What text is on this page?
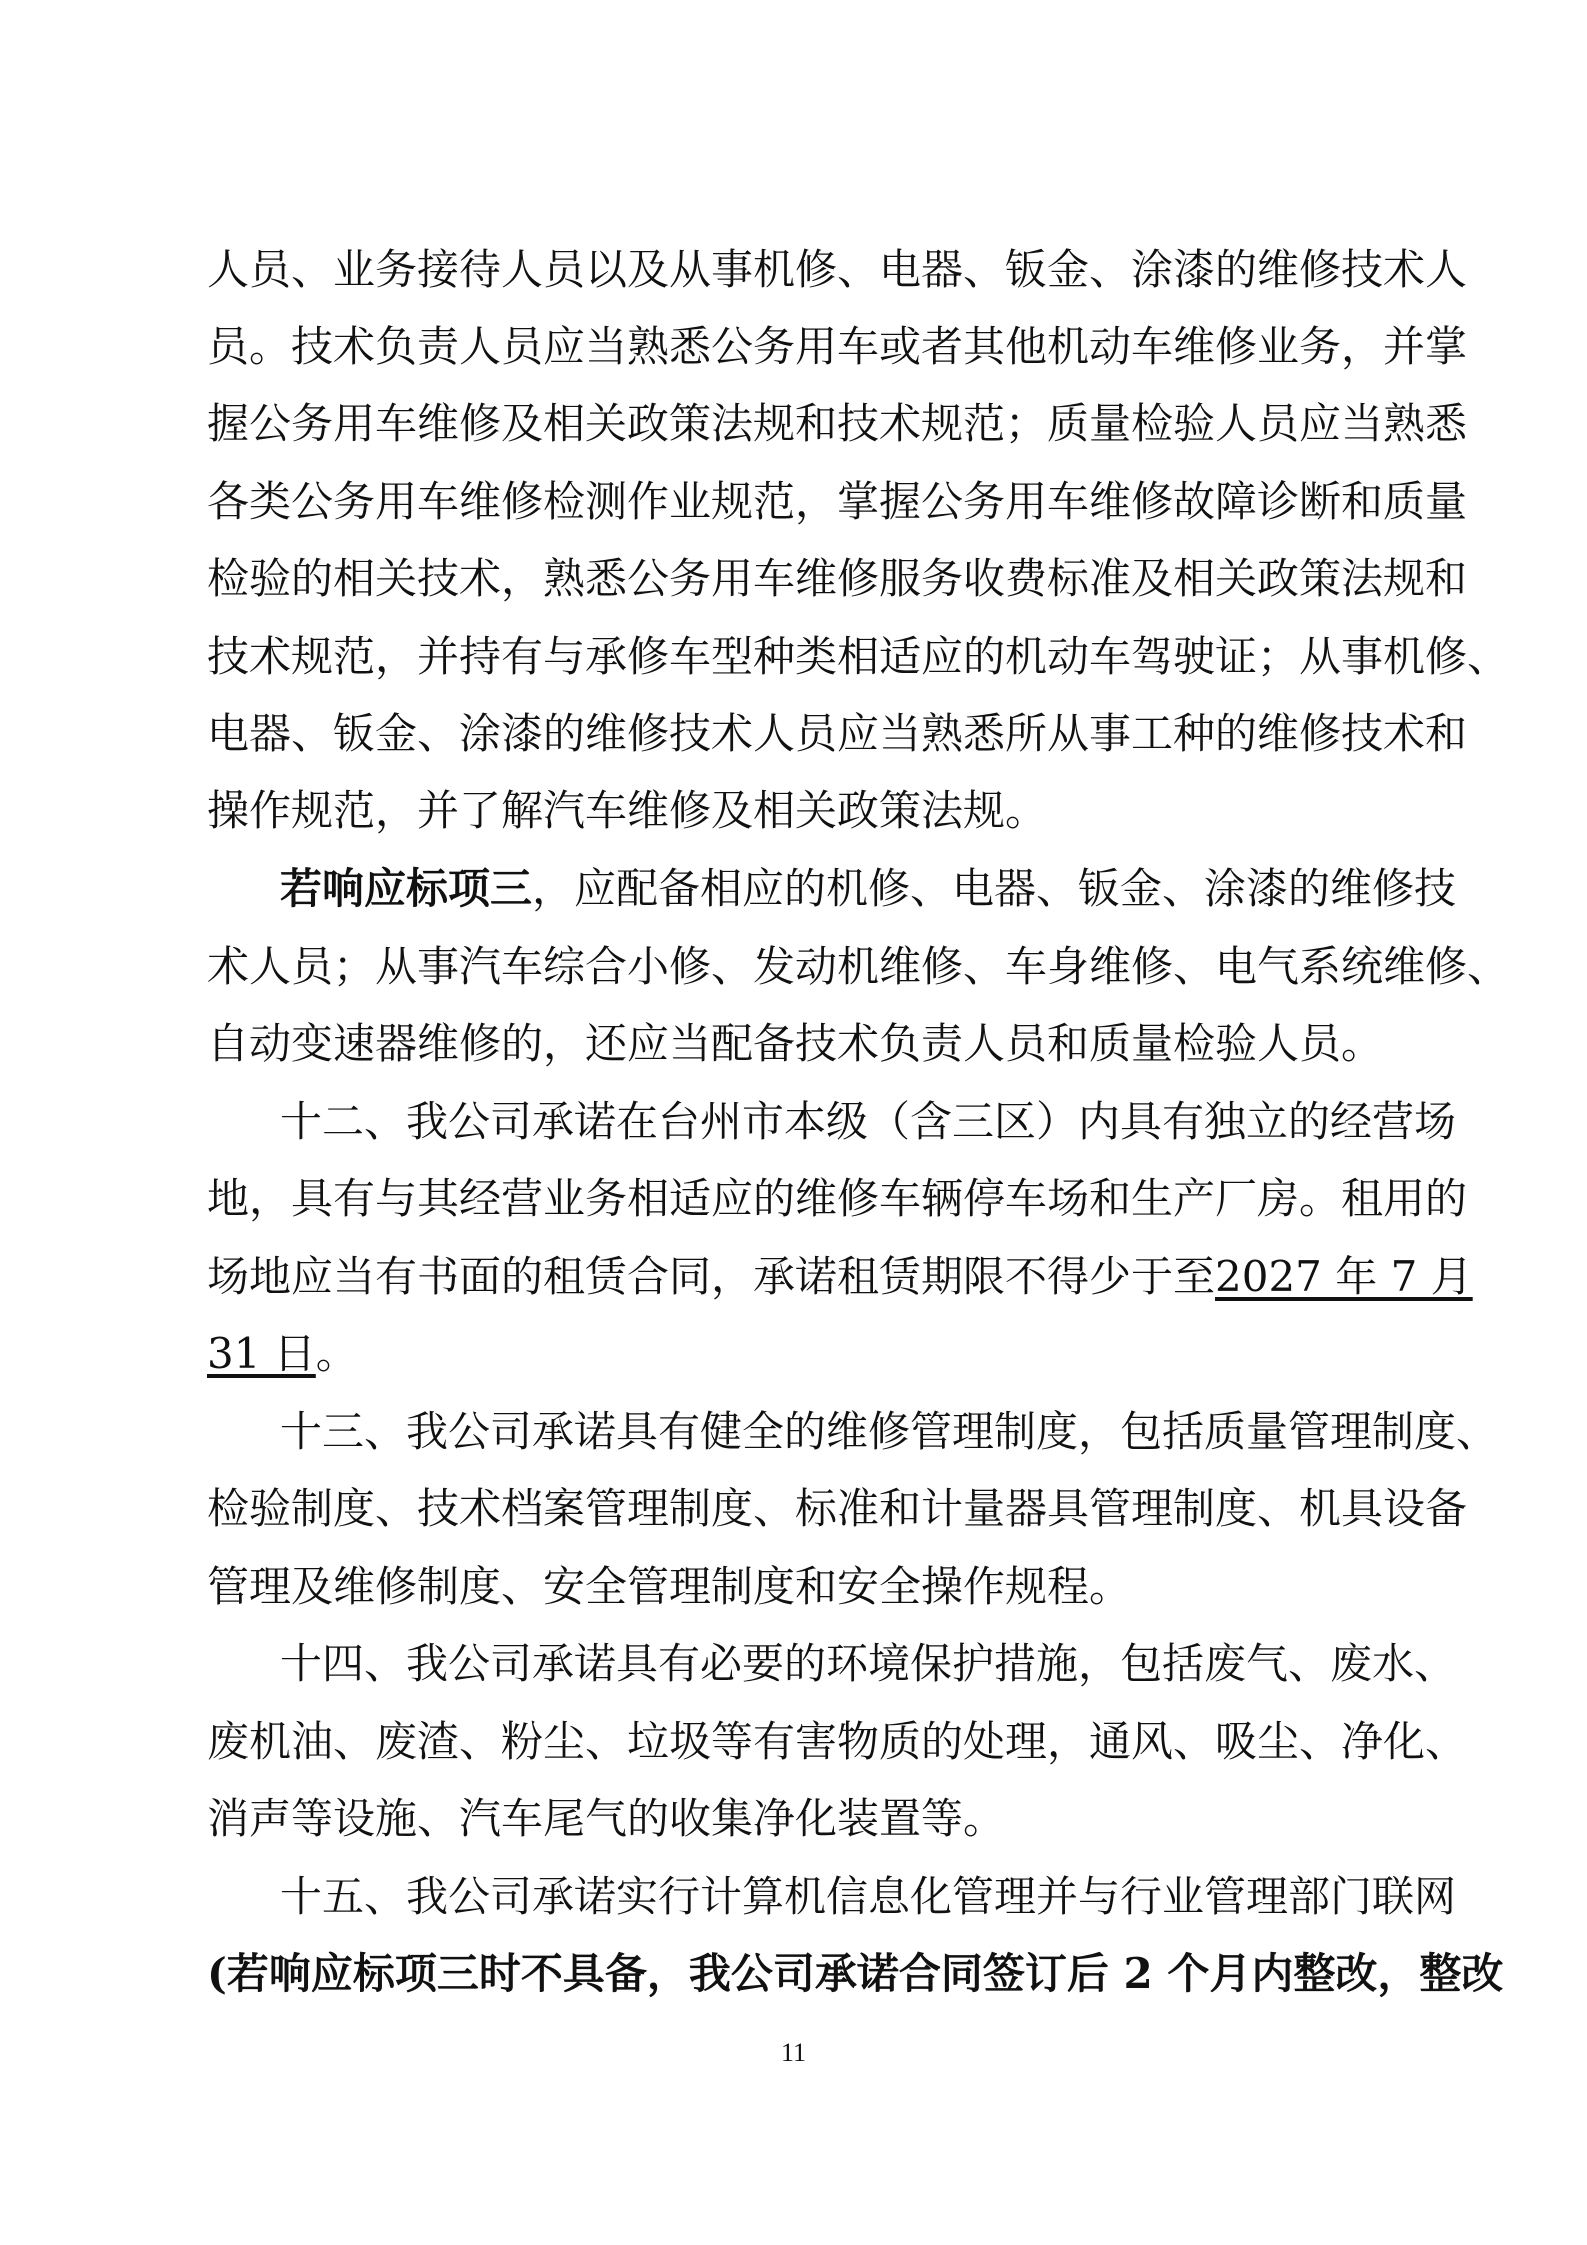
人员、业务接待人员以及从事机修、电器、钣金、涂漆的维修技术人
员。技术负责人员应当熟悉公务用车或者其他机动车维修业务，并掌
握公务用车维修及相关政策法规和技术规范；质量检验人员应当熟悉
各类公务用车维修检测作业规范，掌握公务用车维修故障诊断和质量
检验的相关技术，熟悉公务用车维修服务收费标准及相关政策法规和
技术规范，并持有与承修车型种类相适应的机动车驾驶证；从事机修、
电器、钣金、涂漆的维修技术人员应当熟悉所从事工种的维修技术和
操作规范，并了解汽车维修及相关政策法规。
若响应标项三，应配备相应的机修、电器、钣金、涂漆的维修技
术人员；从事汽车综合小修、发动机维修、车身维修、电气系统维修、
自动变速器维修的，还应当配备技术负责人员和质量检验人员。
十二、我公司承诺在台州市本级（含三区）内具有独立的经营场
地，具有与其经营业务相适应的维修车辆停车场和生产厂房。租用的
场地应当有书面的租赁合同，承诺租赁期限不得少于至2027 年 7 月
31 日。
十三、我公司承诺具有健全的维修管理制度，包括质量管理制度、
检验制度、技术档案管理制度、标准和计量器具管理制度、机具设备
管理及维修制度、安全管理制度和安全操作规程。
十四、我公司承诺具有必要的环境保护措施，包括废气、废水、
废机油、废渣、粉尘、垃圾等有害物质的处理，通风、吸尘、净化、
消声等设施、汽车尾气的收集净化装置等。
十五、我公司承诺实行计算机信息化管理并与行业管理部门联网
(若响应标项三时不具备，我公司承诺合同签订后 2 个月内整改，整改
11
